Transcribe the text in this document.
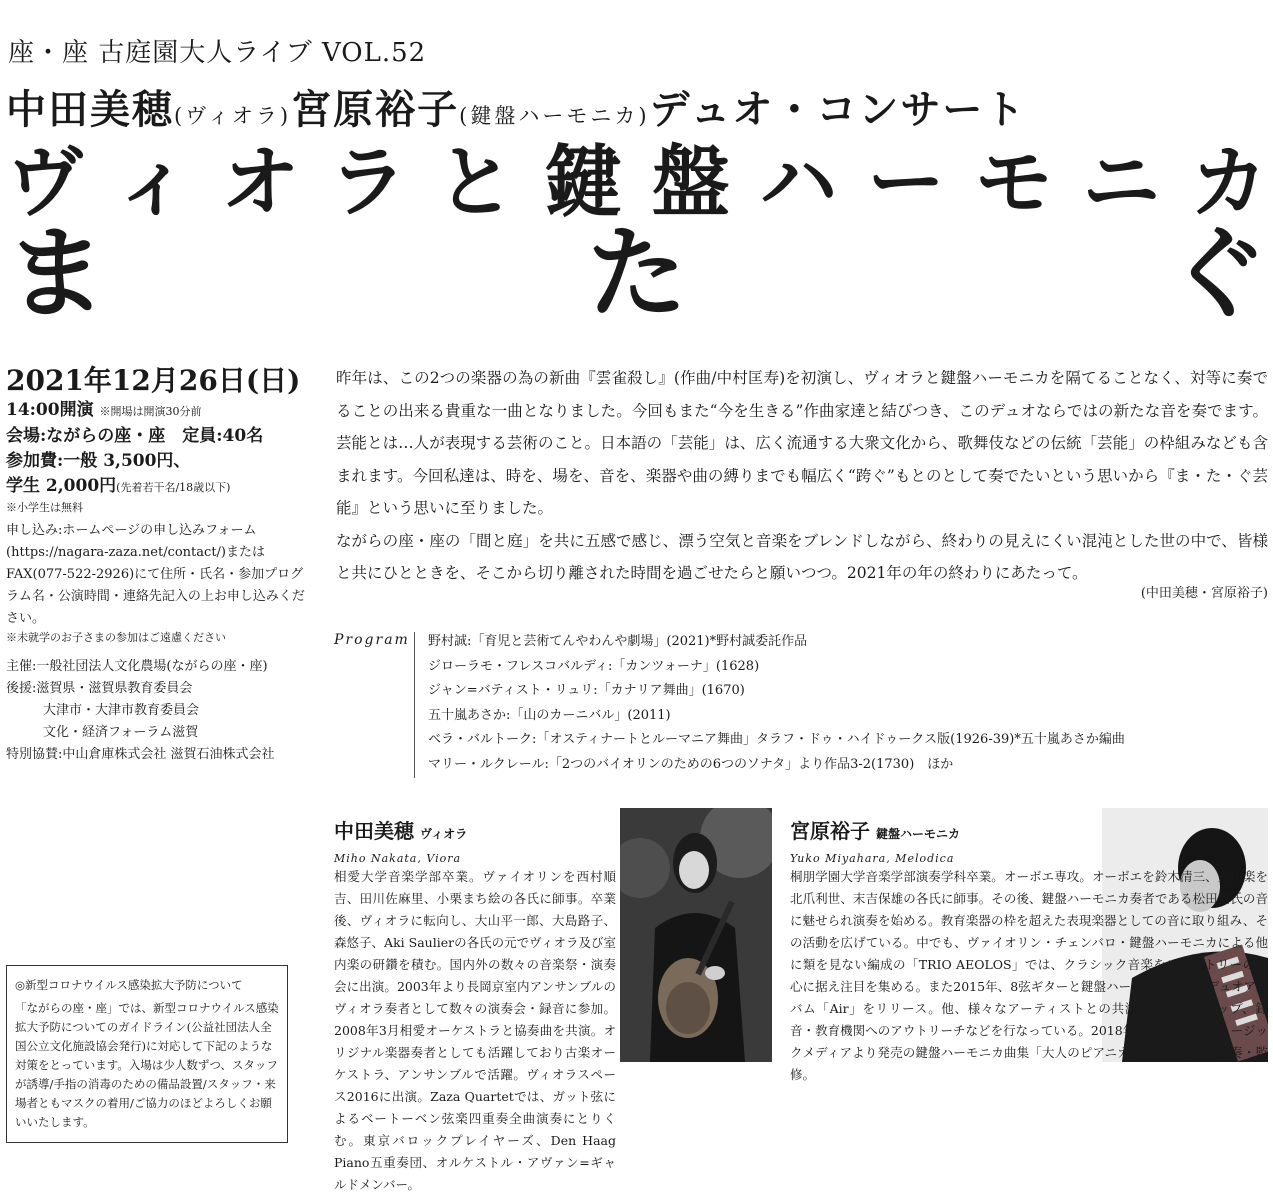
座・座 古庭園大人ライブ VOL.52
中田美穂(ヴィオラ)宮原裕子(鍵盤ハーモニカ)デュオ・コンサート
ヴ ィ オ ラ と 鍵 盤 ハ ー モ ニ カ
ま	た	ぐ
2021年12月26日(日)
14:00開演 ※開場は開演30分前
会場:ながらの座・座　定員:40名
参加費:一般 3,500円、
学生 2,000円(先着若干名/18歳以下)
※小学生は無料
申し込み:ホームページの申し込みフォーム(https://nagara-zaza.net/contact/)またはFAX(077-522-2926)にて住所・氏名・参加プログラム名・公演時間・連絡先記入の上お申し込みください。
※未就学のお子さまの参加はご遠慮ください
主催:一般社団法人文化農場(ながらの座・座)
後援:滋賀県・滋賀県教育委員会
大津市・大津市教育委員会
文化・経済フォーラム滋賀
特別協賛:中山倉庫株式会社 滋賀石油株式会社
昨年は、この2つの楽器の為の新曲『雲雀殺し』(作曲/中村匡寿)を初演し、ヴィオラと鍵盤ハーモニカを隔てることなく、対等に奏でることの出来る貴重な一曲となりました。今回もまた“今を生きる”作曲家達と結びつき、このデュオならではの新たな音を奏でます。芸能とは…人が表現する芸術のこと。日本語の「芸能」は、広く流通する大衆文化から、歌舞伎などの伝統「芸能」の枠組みなども含まれます。今回私達は、時を、場を、音を、楽器や曲の縛りまでも幅広く“跨ぐ”もとのとして奏でたいという思いから『ま・た・ぐ芸能』という思いに至りました。
ながらの座・座の「間と庭」を共に五感で感じ、漂う空気と音楽をブレンドしながら、終わりの見えにくい混沌とした世の中で、皆様と共にひとときを、そこから切り離された時間を過ごせたらと願いつつ。2021年の年の終わりにあたって。
(中田美穂・宮原裕子)
Program 野村誠:「育児と芸術てんやわんや劇場」(2021)*野村誠委託作品
ジローラモ・フレスコバルディ:「カンツォーナ」(1628)
ジャン=バティスト・リュリ:「カナリア舞曲」(1670)
五十嵐あさか:「山のカーニバル」(2011)
ベラ・バルトーク:「オスティナートとルーマニア舞曲」タラフ・ドゥ・ハイドゥークス版(1926-39)*五十嵐あさか編曲
マリー・ルクレール:「2つのバイオリンのための6つのソナタ」より作品3-2(1730)　ほか
中田美穂 ヴィオラ
Miho Nakata, Viora
相愛大学音楽学部卒業。ヴァイオリンを西村順吉、田川佐麻里、小栗まち絵の各氏に師事。卒業後、ヴィオラに転向し、大山平一郎、大島路子、森悠子、Aki Saulierの各氏の元でヴィオラ及び室内楽の研鑽を積む。国内外の数々の音楽祭・演奏会に出演。2003年より長岡京室内アンサンブルのヴィオラ奏者として数々の演奏会・録音に参加。2008年3月相愛オーケストラと協奏曲を共演。オリジナル楽器奏者としても活躍しており古楽オーケストラ、アンサンブルで活躍。ヴィオラスペース2016に出演。Zaza Quartetでは、ガット弦によるベートーベン弦楽四重奏全曲演奏にとりくむ。東京バロックプレイヤーズ、Den Haag Piano五重奏団、オルケストル・アヴァン=ギャルドメンバー。
宮原裕子 鍵盤ハーモニカ
Yuko Miyahara, Melodica
桐朋学園大学音楽学部演奏学科卒業。オーボエ専攻。オーボエを鈴木清三、室内楽を北爪利世、末吉保雄の各氏に師事。その後、鍵盤ハーモニカ奏者である松田昌氏の音に魅せられ演奏を始める。教育楽器の枠を超えた表現楽器としての音に取り組み、その活動を広げている。中でも、ヴァイオリン・チェンバロ・鍵盤ハーモニカによる他に類を見ない編成の「TRIO AEOLOS」では、クラシック音楽をレパートリーの中心に据え注目を集める。また2015年、8弦ギターと鍵盤ハーモニカによるデュオアルバム「Air」をリリース。他、様々なアーティストとの共演やワークショップ、録音・教育機関へのアウトリーチなどを行なっている。2018年6月、ヤマハミュージックメディアより発売の鍵盤ハーモニカ曲集「大人のピアニカレパートリー」演奏・監修。
◎新型コロナウイルス感染拡大予防について
「ながらの座・座」では、新型コロナウイルス感染拡大予防についてのガイドライン(公益社団法人全国公立文化施設協会発行)に対応して下記のような対策をとっています。入場は少人数ずつ、スタッフが誘導/手指の消毒のための備品設置/スタッフ・来場者ともマスクの着用/ご協力のほどよろしくお願いいたします。
